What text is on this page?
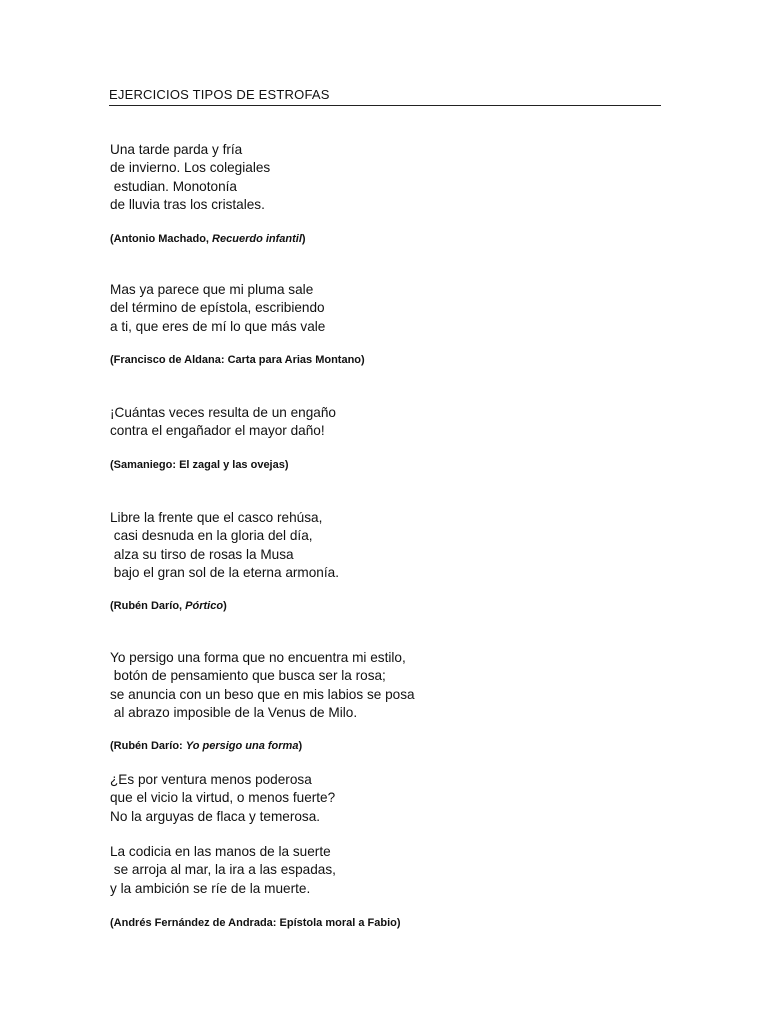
EJERCICIOS TIPOS DE ESTROFAS
Una tarde parda y fría
de invierno. Los colegiales
estudian. Monotonía
de lluvia tras los cristales.
(Antonio Machado, Recuerdo infantil)
Mas ya parece que mi pluma sale
del término de epístola, escribiendo
a ti, que eres de mí lo que más vale
(Francisco de Aldana: Carta para Arias Montano)
¡Cuántas veces resulta de un engaño
contra el engañador el mayor daño!
(Samaniego: El zagal y las ovejas)
Libre la frente que el casco rehúsa,
casi desnuda en la gloria del día,
alza su tirso de rosas la Musa
bajo el gran sol de la eterna armonía.
(Rubén Darío, Pórtico)
Yo persigo una forma que no encuentra mi estilo,
botón de pensamiento que busca ser la rosa;
se anuncia con un beso que en mis labios se posa
al abrazo imposible de la Venus de Milo.
(Rubén Darío: Yo persigo una forma)
¿Es por ventura menos poderosa
que el vicio la virtud, o menos fuerte?
No la arguyas de flaca y temerosa.
La codicia en las manos de la suerte
se arroja al mar, la ira a las espadas,
y la ambición se ríe de la muerte.
(Andrés Fernández de Andrada: Epístola moral a Fabio)
